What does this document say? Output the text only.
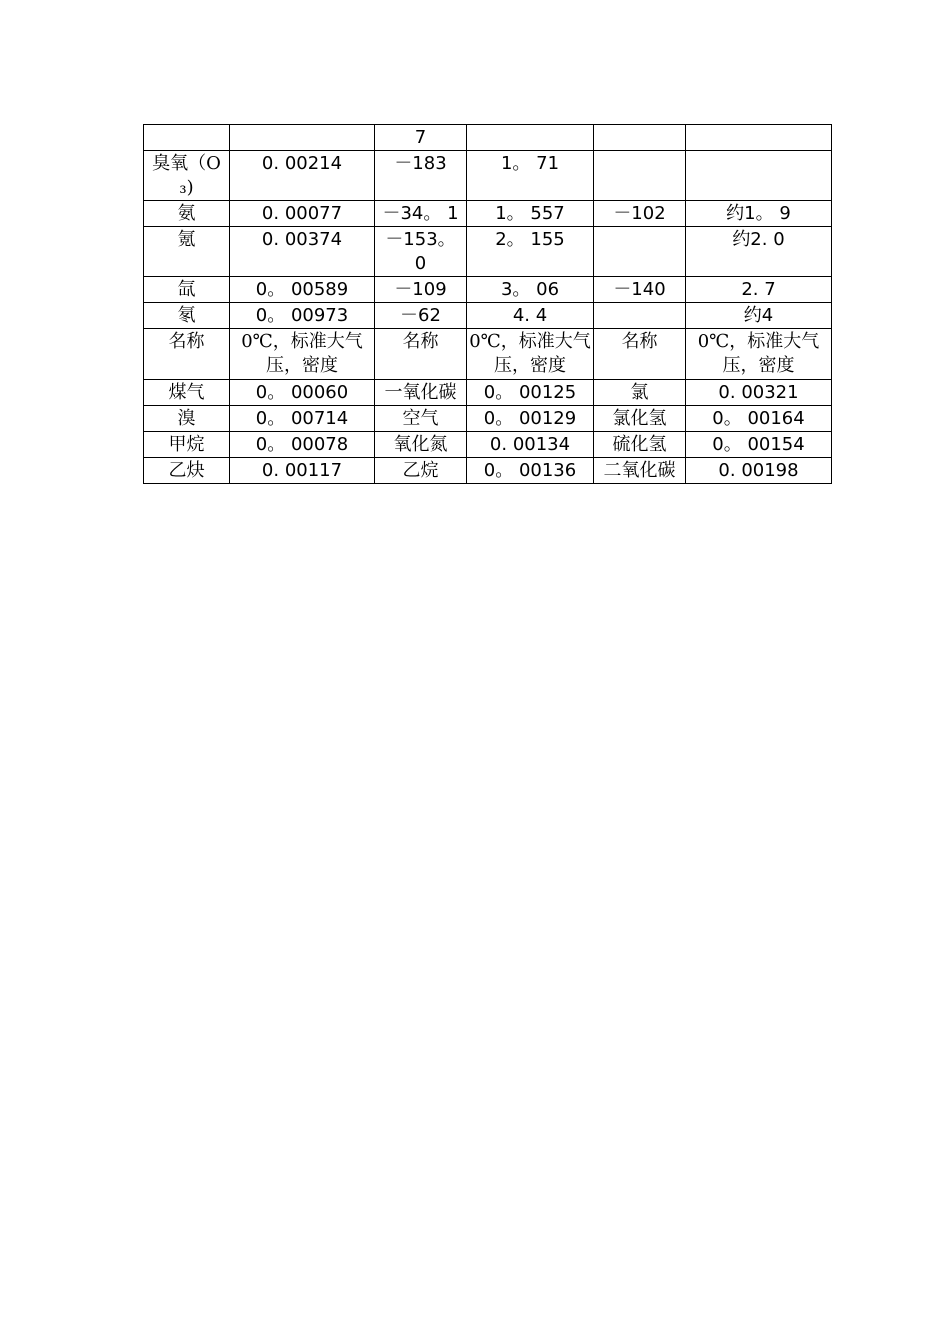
		7			
臭氧（O₃)	0. 00214	－183	1。 71		
氨	0. 00077	－34。 1	1。 557	－102	约1。 9
氪	0. 00374	－153。 0	2。 155		约2. 0
氙	0。 00589	－109	3。 06	－140	2. 7
氡	0。 00973	－62	4. 4		约4
名称	0℃，标准大气压，密度	名称	0℃，标准大气压，密度	名称	0℃，标准大气压，密度
煤气	0。 00060	一氧化碳	0。 00125	氯	0. 00321
溴	0。 00714	空气	0。 00129	氯化氢	0。 00164
甲烷	0。 00078	氧化氮	0. 00134	硫化氢	0。 00154
乙炔	0. 00117	乙烷	0。 00136	二氧化碳	0. 00198
